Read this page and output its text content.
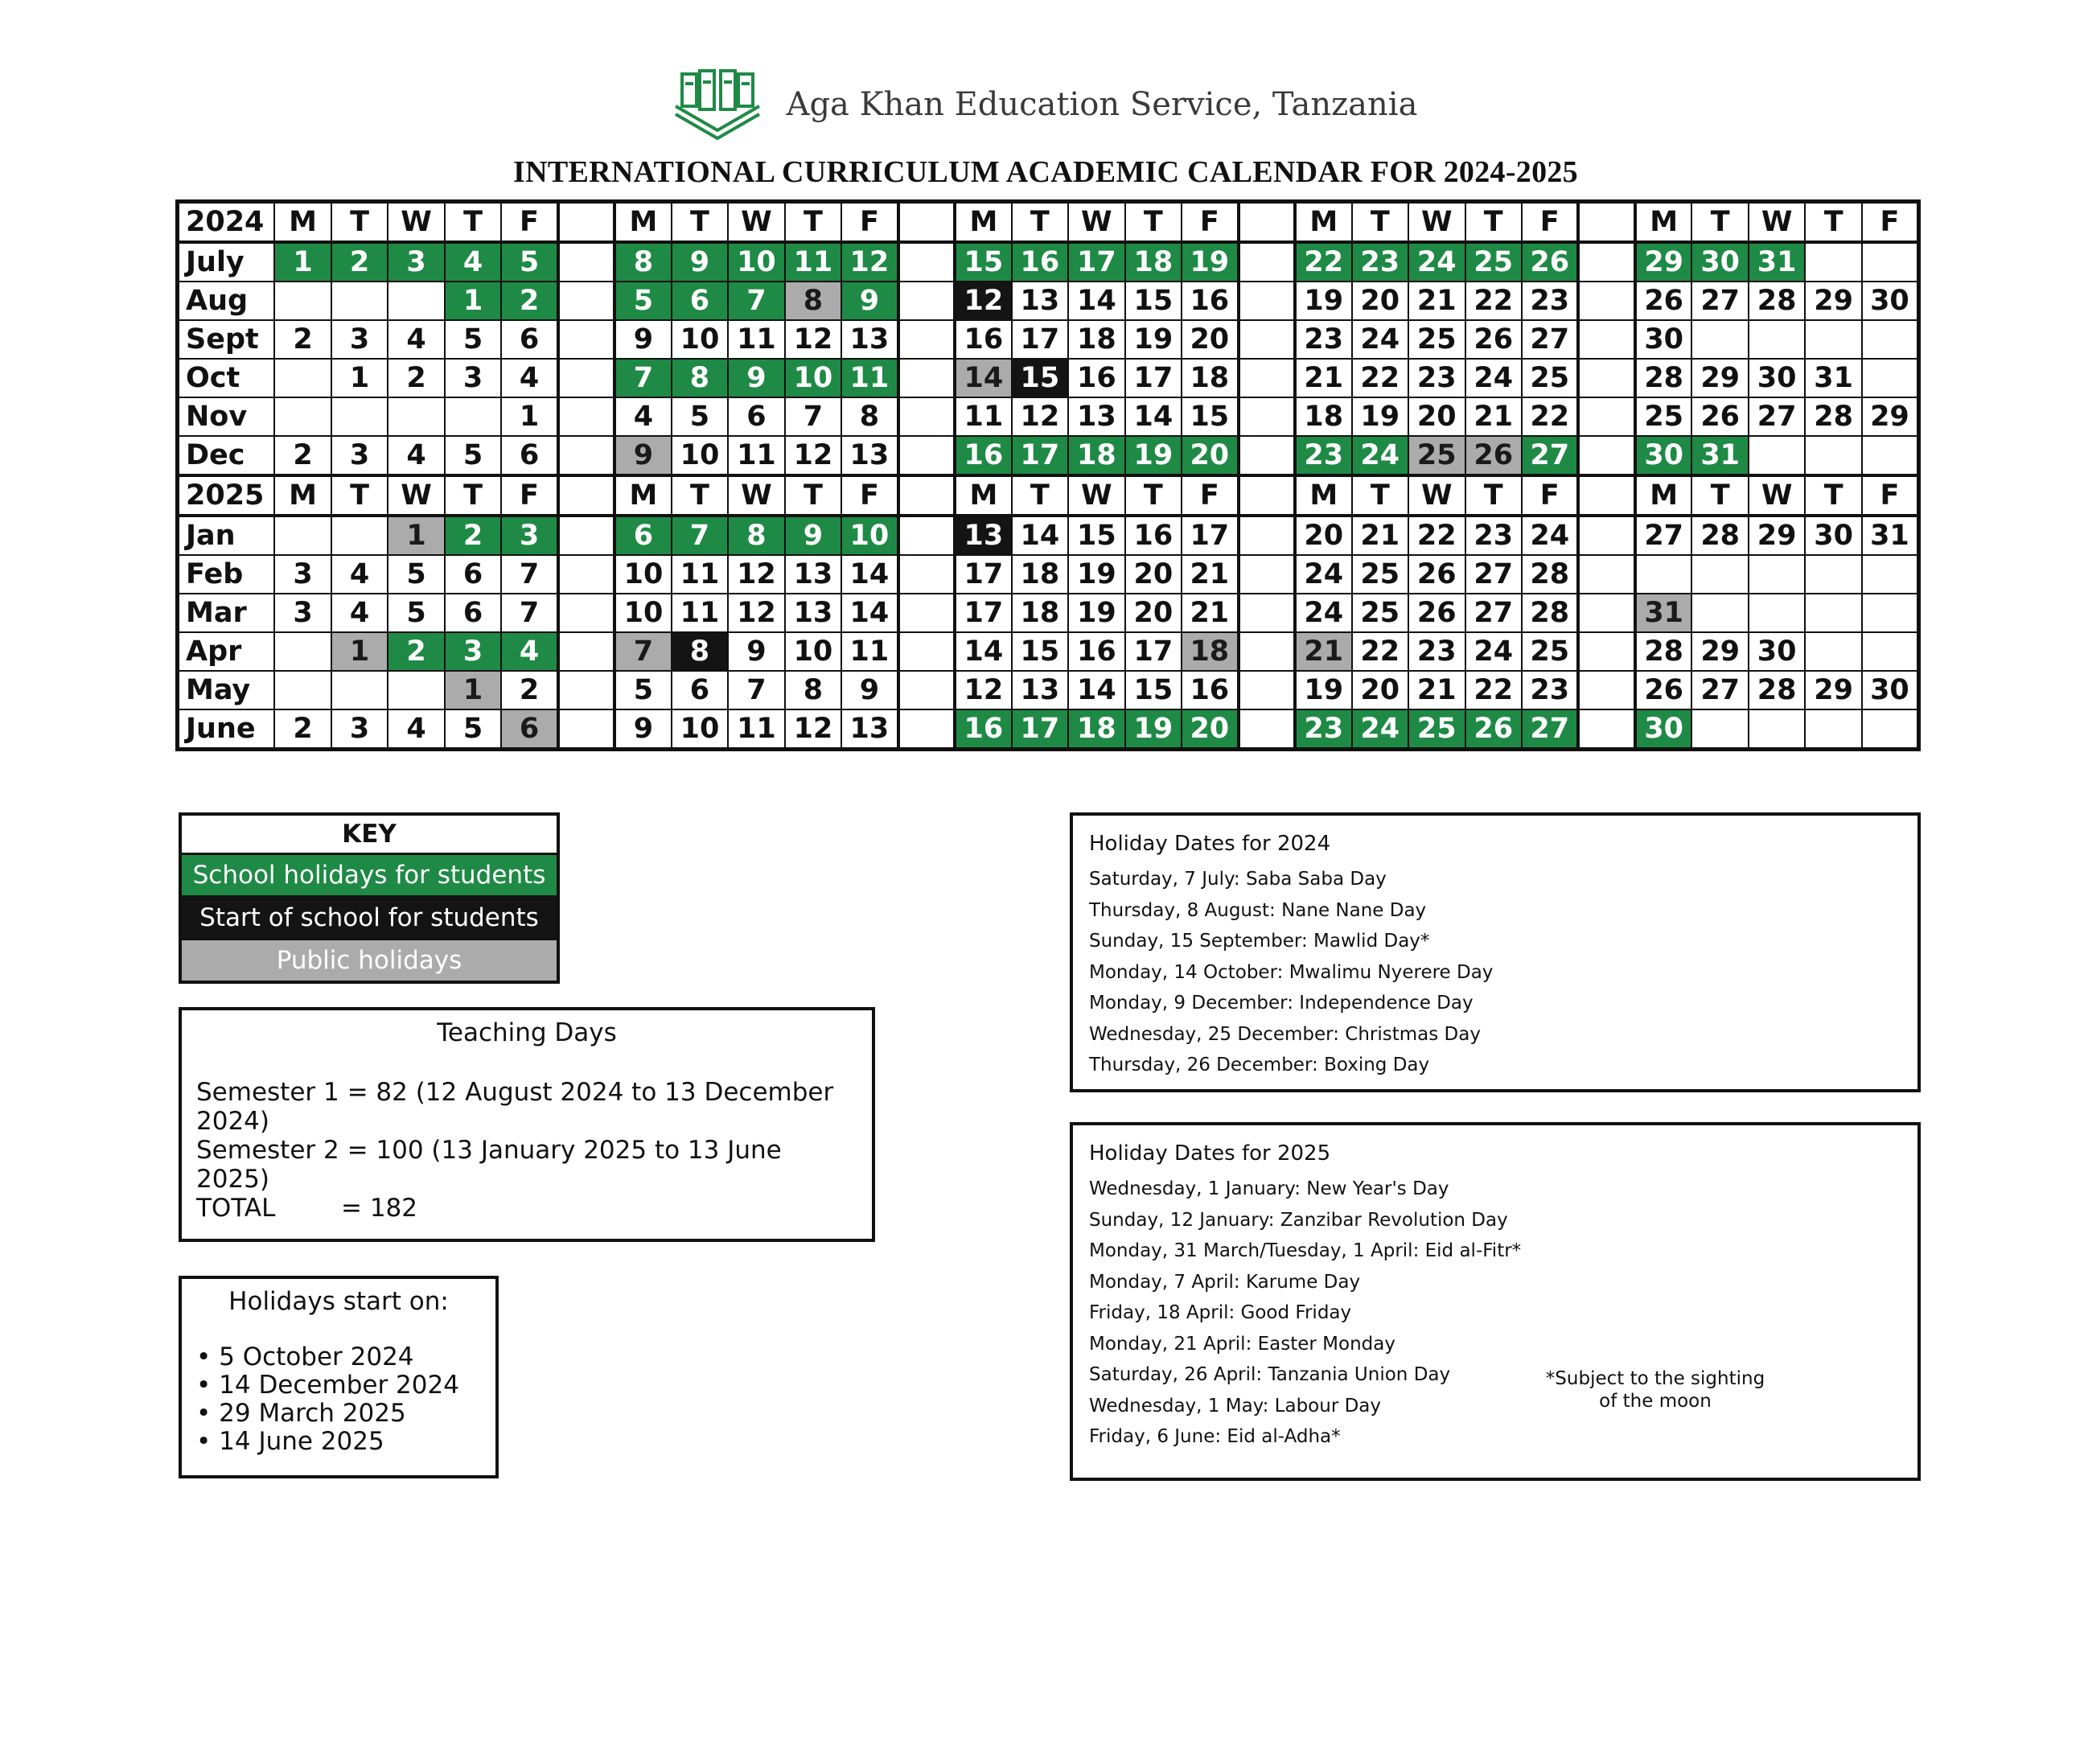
Aga Khan Education Service, Tanzania
INTERNATIONAL CURRICULUM ACADEMIC CALENDAR FOR 2024-2025
2024	M	T	W	T	F		M	T	W	T	F		M	T	W	T	F		M	T	W	T	F		M	T	W	T	F
July	1	2	3	4	5		8	9	10	11	12		15	16	17	18	19		22	23	24	25	26		29	30	31		
Aug				1	2		5	6	7	8	9		12	13	14	15	16		19	20	21	22	23		26	27	28	29	30
Sept	2	3	4	5	6		9	10	11	12	13		16	17	18	19	20		23	24	25	26	27		30				
Oct		1	2	3	4		7	8	9	10	11		14	15	16	17	18		21	22	23	24	25		28	29	30	31	
Nov					1		4	5	6	7	8		11	12	13	14	15		18	19	20	21	22		25	26	27	28	29
Dec	2	3	4	5	6		9	10	11	12	13		16	17	18	19	20		23	24	25	26	27		30	31			
2025	M	T	W	T	F		M	T	W	T	F		M	T	W	T	F		M	T	W	T	F		M	T	W	T	F
Jan			1	2	3		6	7	8	9	10		13	14	15	16	17		20	21	22	23	24		27	28	29	30	31
Feb	3	4	5	6	7		10	11	12	13	14		17	18	19	20	21		24	25	26	27	28						
Mar	3	4	5	6	7		10	11	12	13	14		17	18	19	20	21		24	25	26	27	28		31				
Apr		1	2	3	4		7	8	9	10	11		14	15	16	17	18		21	22	23	24	25		28	29	30		
May				1	2		5	6	7	8	9		12	13	14	15	16		19	20	21	22	23		26	27	28	29	30
June	2	3	4	5	6		9	10	11	12	13		16	17	18	19	20		23	24	25	26	27		30				
KEY
School holidays for students
Start of school for students
Public holidays
Teaching Days
Semester 1 = 82 (12 August 2024 to 13 December 2024)
Semester 2 = 100 (13 January 2025 to 13 June 2025)
TOTAL	= 182
Holidays start on:
• 5 October 2024
• 14 December 2024
• 29 March 2025
• 14 June 2025
Holiday Dates for 2024
Saturday, 7 July: Saba Saba Day
Thursday, 8 August: Nane Nane Day
Sunday, 15 September: Mawlid Day*
Monday, 14 October: Mwalimu Nyerere Day
Monday, 9 December: Independence Day
Wednesday, 25 December: Christmas Day
Thursday, 26 December: Boxing Day
Holiday Dates for 2025
Wednesday, 1 January: New Year's Day
Sunday, 12 January: Zanzibar Revolution Day
Monday, 31 March/Tuesday, 1 April: Eid al-Fitr*
Monday, 7 April: Karume Day
Friday, 18 April: Good Friday
Monday, 21 April: Easter Monday
Saturday, 26 April: Tanzania Union Day
Wednesday, 1 May: Labour Day
Friday, 6 June: Eid al-Adha*
*Subject to the sighting of the moon
